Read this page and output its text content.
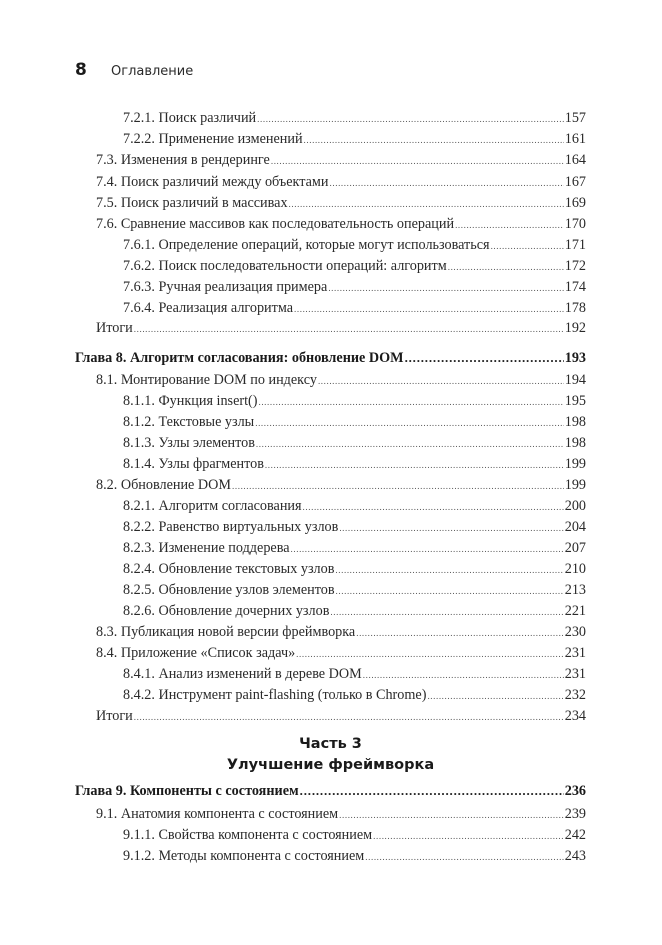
8	Оглавление
7.2.1. Поиск различий .....	157
7.2.2. Применение изменений .....	161
7.3. Изменения в рендеринге .....	164
7.4. Поиск различий между объектами .....	167
7.5. Поиск различий в массивах .....	169
7.6. Сравнение массивов как последовательность операций .....	170
7.6.1. Определение операций, которые могут использоваться .....	171
7.6.2. Поиск последовательности операций: алгоритм .....	172
7.6.3. Ручная реализация примера .....	174
7.6.4. Реализация алгоритма .....	178
Итоги .....	192
Глава 8. Алгоритм согласования: обновление DOM .....	193
8.1. Монтирование DOM по индексу .....	194
8.1.1. Функция insert() .....	195
8.1.2. Текстовые узлы .....	198
8.1.3. Узлы элементов .....	198
8.1.4. Узлы фрагментов .....	199
8.2. Обновление DOM .....	199
8.2.1. Алгоритм согласования .....	200
8.2.2. Равенство виртуальных узлов .....	204
8.2.3. Изменение поддерева .....	207
8.2.4. Обновление текстовых узлов .....	210
8.2.5. Обновление узлов элементов .....	213
8.2.6. Обновление дочерних узлов .....	221
8.3. Публикация новой версии фреймворка .....	230
8.4. Приложение «Список задач» .....	231
8.4.1. Анализ изменений в дереве DOM .....	231
8.4.2. Инструмент paint-flashing (только в Chrome) .....	232
Итоги .....	234
Глава 9. Компоненты с состоянием .....	236
9.1. Анатомия компонента с состоянием .....	239
9.1.1. Свойства компонента с состоянием .....	242
9.1.2. Методы компонента с состоянием .....	243
Часть 3
Улучшение фреймворка
